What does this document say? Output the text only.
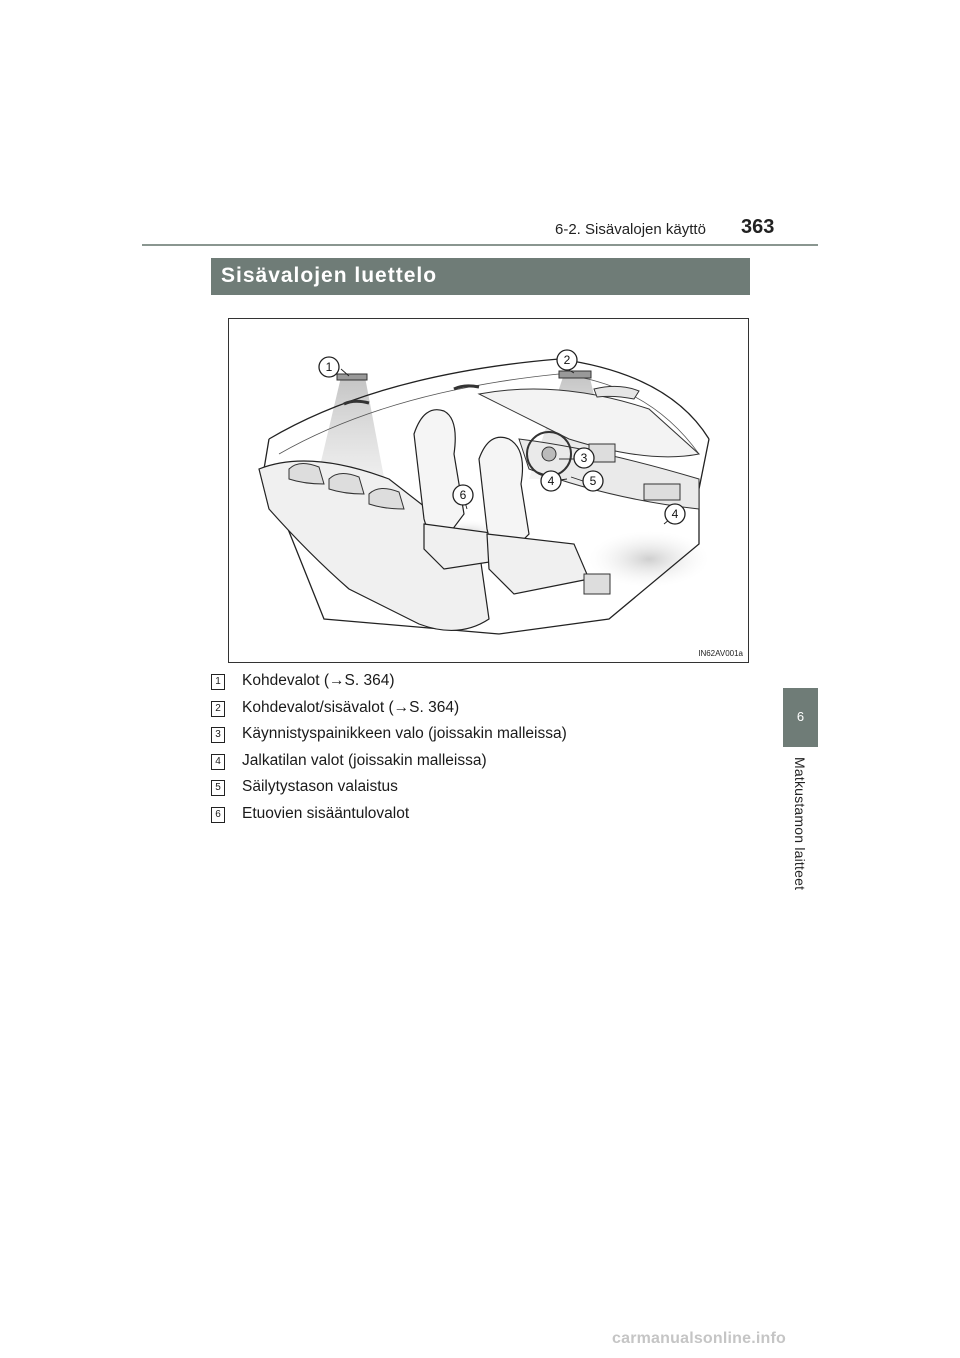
6-2. Sisävalojen käyttö 363
6
Matkustamon laitteet
Sisävalojen luettelo
1	2
3
4	5
4
6
IN62AV001a
1 Kohdevalot (→S. 364)
2 Kohdevalot/sisävalot (→S. 364)
3 Käynnistyspainikkeen valo (joissakin malleissa)
4 Jalkatilan valot (joissakin malleissa)
5 Säilytystason valaistus
6 Etuovien sisääntulovalot
carmanualsonline.info
